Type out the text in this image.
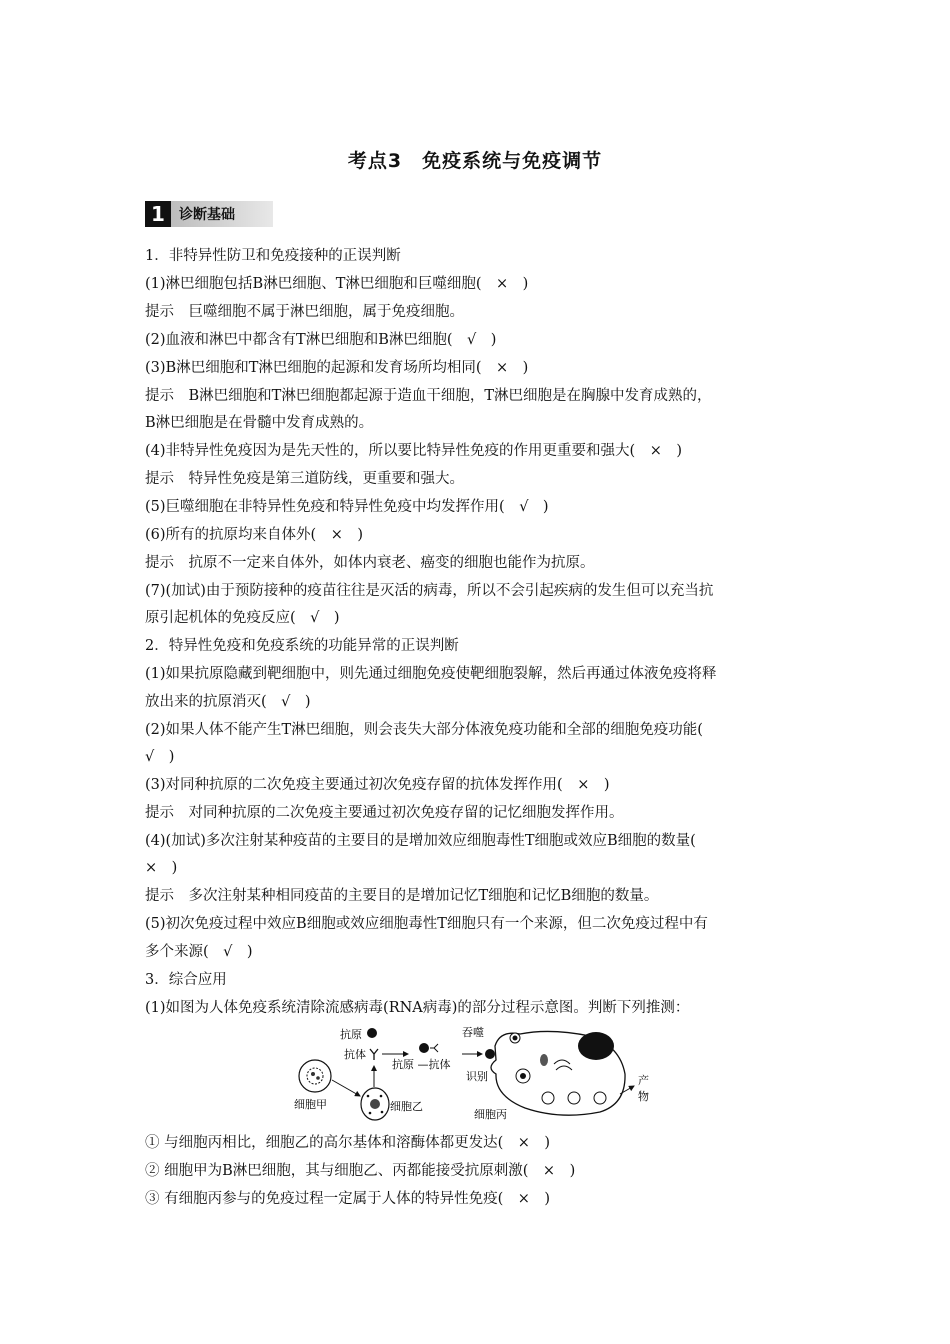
考点3　免疫系统与免疫调节
1	诊断基础
1．非特异性防卫和免疫接种的正误判断
(1)淋巴细胞包括B淋巴细胞、T淋巴细胞和巨噬细胞(　×　)
提示　巨噬细胞不属于淋巴细胞，属于免疫细胞。
(2)血液和淋巴中都含有T淋巴细胞和B淋巴细胞(　√　)
(3)B淋巴细胞和T淋巴细胞的起源和发育场所均相同(　×　)
提示　B淋巴细胞和T淋巴细胞都起源于造血干细胞，T淋巴细胞是在胸腺中发育成熟的，
B淋巴细胞是在骨髓中发育成熟的。
(4)非特异性免疫因为是先天性的，所以要比特异性免疫的作用更重要和强大(　×　)
提示　特异性免疫是第三道防线，更重要和强大。
(5)巨噬细胞在非特异性免疫和特异性免疫中均发挥作用(　√　)
(6)所有的抗原均来自体外(　×　)
提示　抗原不一定来自体外，如体内衰老、癌变的细胞也能作为抗原。
(7)(加试)由于预防接种的疫苗往往是灭活的病毒，所以不会引起疾病的发生但可以充当抗
原引起机体的免疫反应(　√　)
2．特异性免疫和免疫系统的功能异常的正误判断
(1)如果抗原隐藏到靶细胞中，则先通过细胞免疫使靶细胞裂解，然后再通过体液免疫将释
放出来的抗原消灭(　√　)
(2)如果人体不能产生T淋巴细胞，则会丧失大部分体液免疫功能和全部的细胞免疫功能(
√　)
(3)对同种抗原的二次免疫主要通过初次免疫存留的抗体发挥作用(　×　)
提示　对同种抗原的二次免疫主要通过初次免疫存留的记忆细胞发挥作用。
(4)(加试)多次注射某种疫苗的主要目的是增加效应细胞毒性T细胞或效应B细胞的数量(
×　)
提示　多次注射某种相同疫苗的主要目的是增加记忆T细胞和记忆B细胞的数量。
(5)初次免疫过程中效应B细胞或效应细胞毒性T细胞只有一个来源，但二次免疫过程中有
多个来源(　√　)
3．综合应用
(1)如图为人体免疫系统清除流感病毒(RNA病毒)的部分过程示意图。判断下列推测：
细胞甲	细胞乙
抗原
抗体
抗原 —抗体
吞噬
识别
细胞丙
产
物
① 与细胞丙相比，细胞乙的高尔基体和溶酶体都更发达(　×　)
② 细胞甲为B淋巴细胞，其与细胞乙、丙都能接受抗原刺激(　×　)
③ 有细胞丙参与的免疫过程一定属于人体的特异性免疫(　×　)
